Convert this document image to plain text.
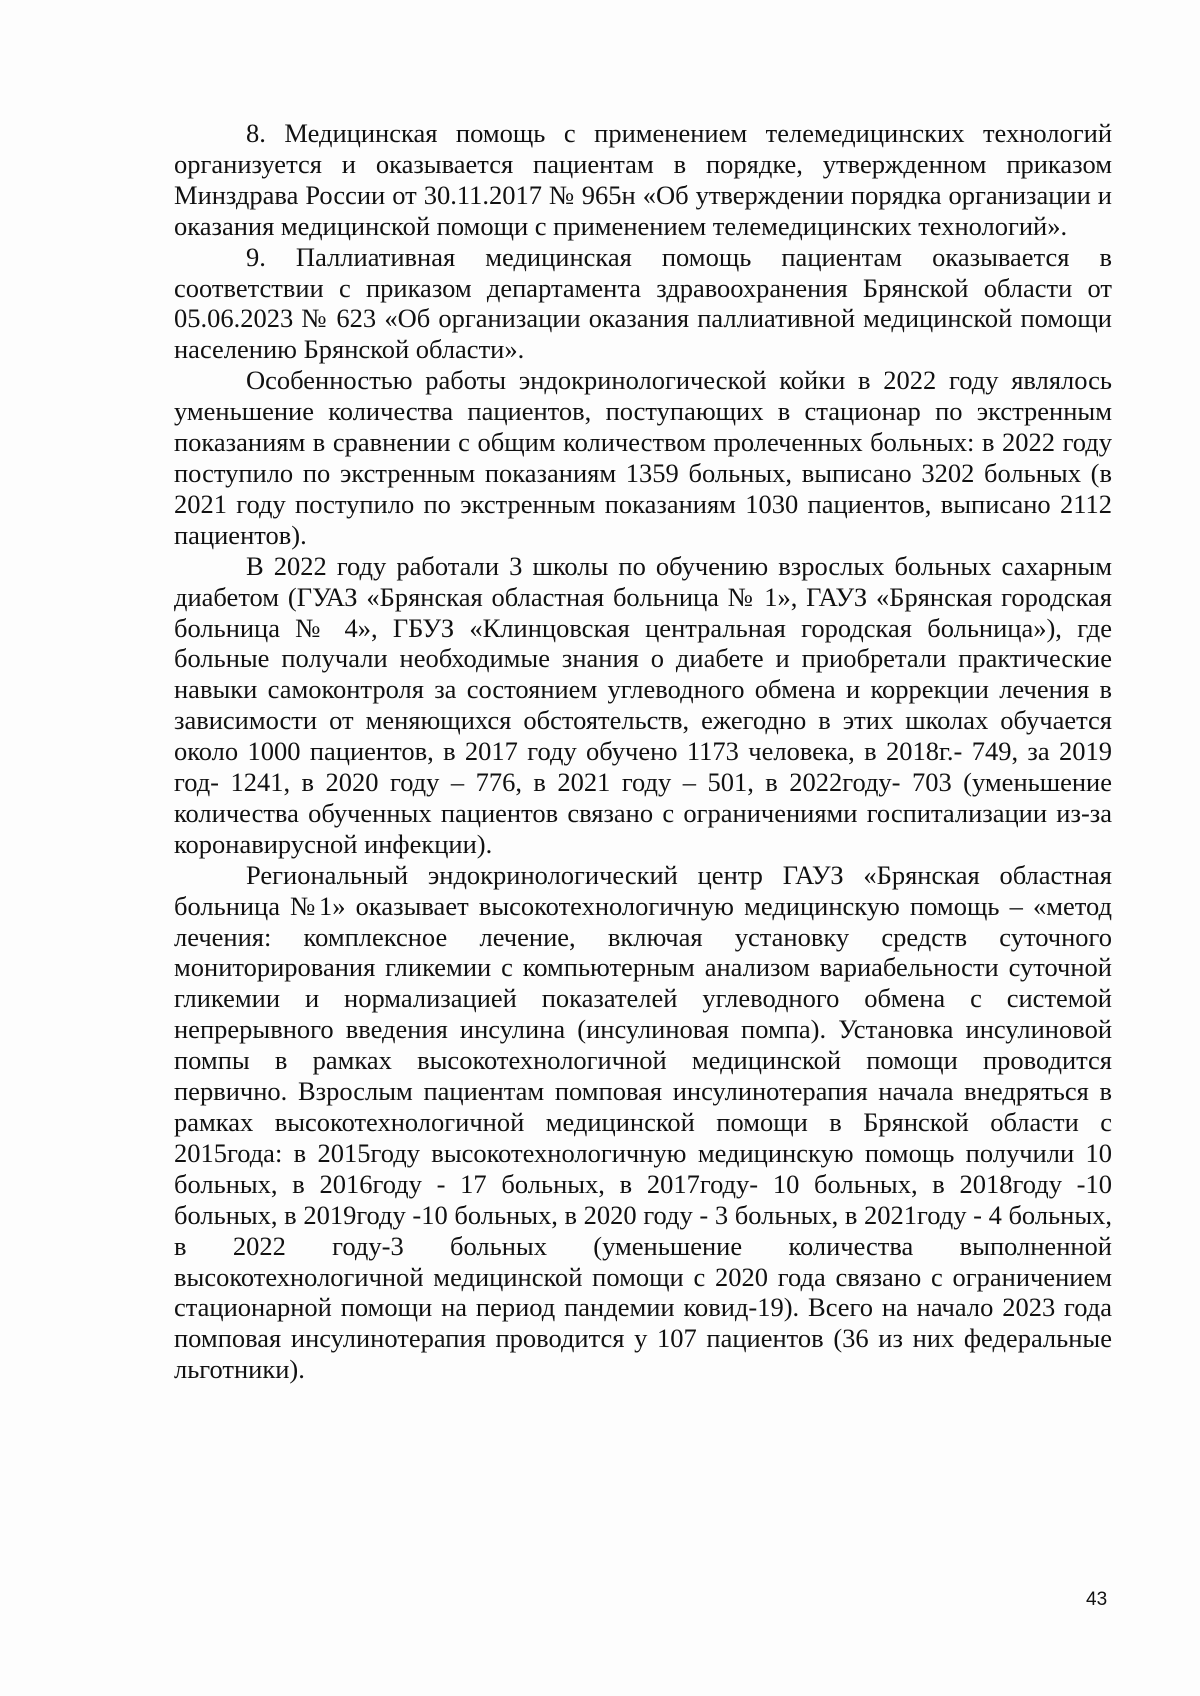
8. Медицинская помощь с применением телемедицинских технологий организуется и оказывается пациентам в порядке, утвержденном приказом Минздрава России от 30.11.2017 № 965н «Об утверждении порядка организации и оказания медицинской помощи с применением телемедицинских технологий».

9. Паллиативная медицинская помощь пациентам оказывается в соответствии с приказом департамента здравоохранения Брянской области от 05.06.2023 № 623 «Об организации оказания паллиативной медицинской помощи населению Брянской области».

Особенностью работы эндокринологической койки в 2022 году являлось уменьшение количества пациентов, поступающих в стационар по экстренным показаниям в сравнении с общим количеством пролеченных больных: в 2022 году поступило по экстренным показаниям 1359 больных, выписано 3202 больных (в 2021 году поступило по экстренным показаниям 1030 пациентов, выписано 2112 пациентов).

В 2022 году работали 3 школы по обучению взрослых больных сахарным диабетом (ГУАЗ «Брянская областная больница № 1», ГАУЗ «Брянская городская больница № 4», ГБУЗ «Клинцовская центральная городская больница»), где больные получали необходимые знания о диабете и приобретали практические навыки самоконтроля за состоянием углеводного обмена и коррекции лечения в зависимости от меняющихся обстоятельств, ежегодно в этих школах обучается около 1000 пациентов, в 2017 году обучено 1173 человека, в 2018г.- 749, за 2019 год- 1241, в 2020 году – 776, в 2021 году – 501, в 2022году- 703 (уменьшение количества обученных пациентов связано с ограничениями госпитализации из-за коронавирусной инфекции).

Региональный эндокринологический центр ГАУЗ «Брянская областная больница №1» оказывает высокотехнологичную медицинскую помощь – «метод лечения: комплексное лечение, включая установку средств суточного мониторирования гликемии с компьютерным анализом вариабельности суточной гликемии и нормализацией показателей углеводного обмена с системой непрерывного введения инсулина (инсулиновая помпа). Установка инсулиновой помпы в рамках высокотехнологичной медицинской помощи проводится первично. Взрослым пациентам помповая инсулинотерапия начала внедряться в рамках высокотехнологичной медицинской помощи в Брянской области с 2015года: в 2015году высокотехнологичную медицинскую помощь получили 10 больных, в 2016году - 17 больных, в 2017году- 10 больных, в 2018году -10 больных, в 2019году -10 больных, в 2020 году - 3 больных, в 2021году - 4 больных, в 2022 году-3 больных (уменьшение количества выполненной высокотехнологичной медицинской помощи с 2020 года связано с ограничением стационарной помощи на период пандемии ковид-19). Всего на начало 2023 года помповая инсулинотерапия проводится у 107 пациентов (36 из них федеральные льготники).

43
